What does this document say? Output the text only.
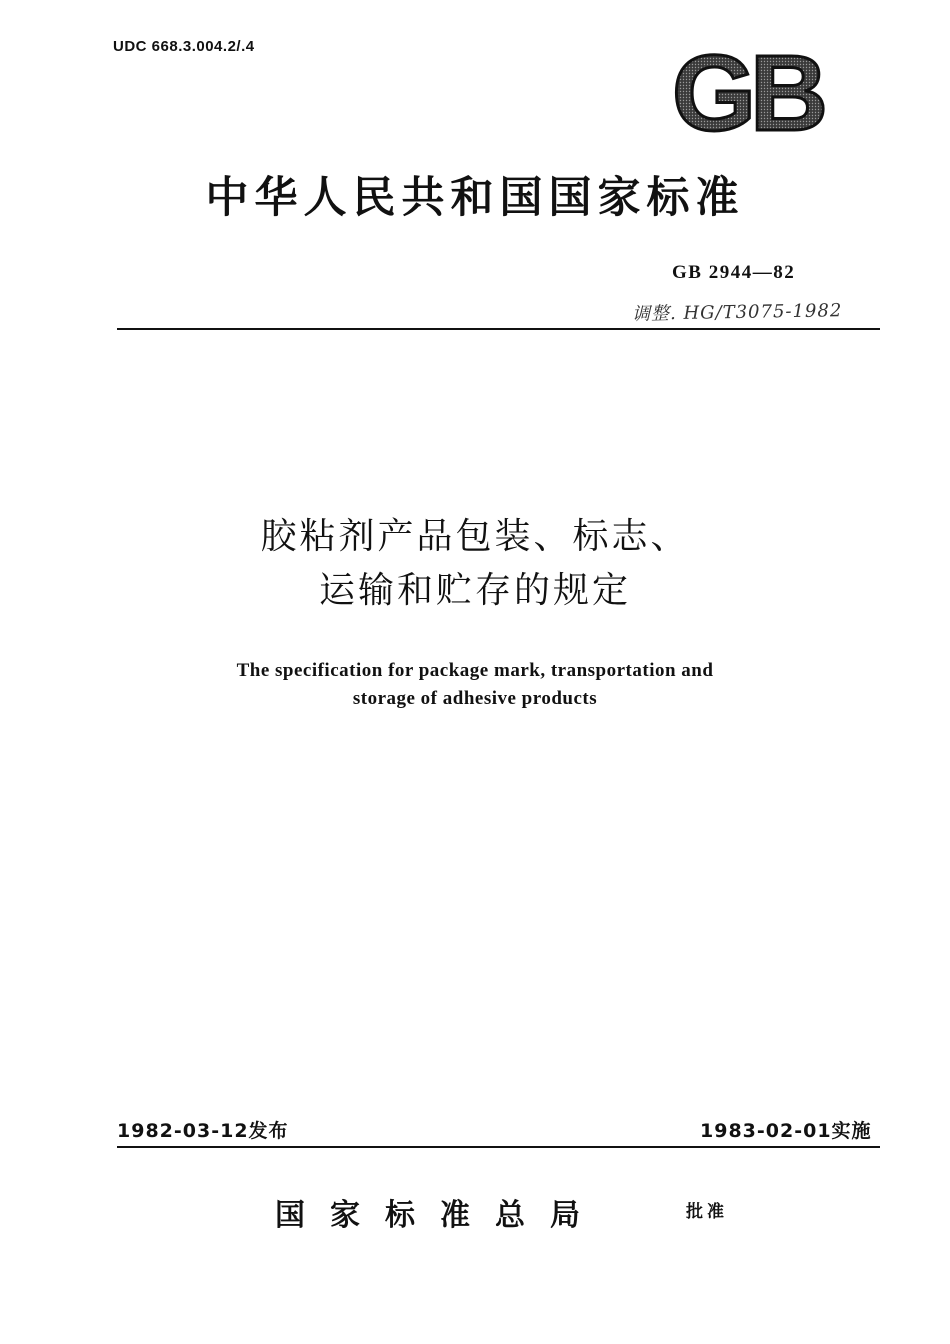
UDC 668.3.004.2/.4	GB
中华人民共和国国家标准
GB 2944—82
调整. HG/T3075-1982
胶粘剂产品包装、标志、
运输和贮存的规定
The specification for package mark, transportation and
storage of adhesive products
1982-03-12发布	1983-02-01实施
国家标准总局	批准
